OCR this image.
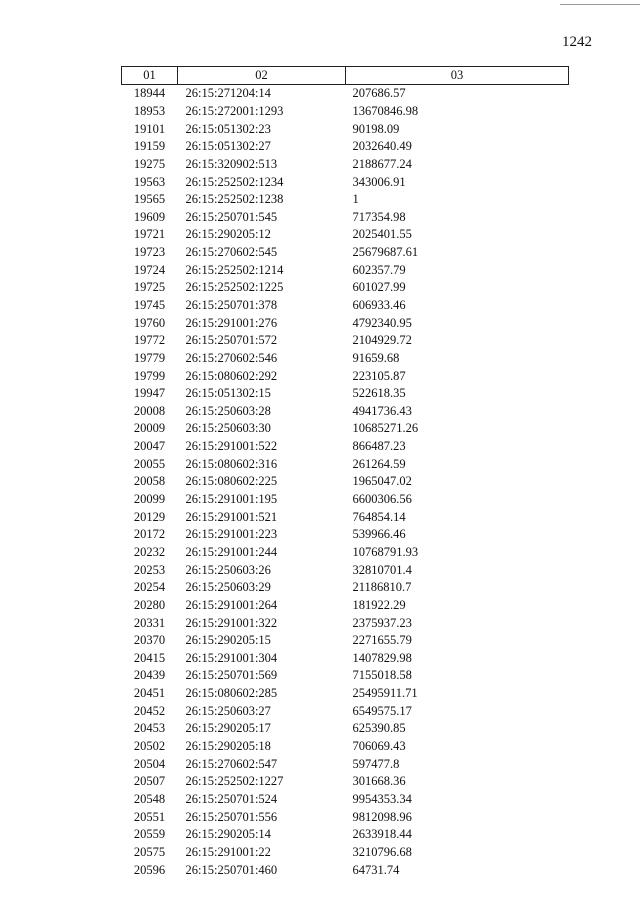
1242
01	02	03
18944	26:15:271204:14	207686.57
18953	26:15:272001:1293	13670846.98
19101	26:15:051302:23	90198.09
19159	26:15:051302:27	2032640.49
19275	26:15:320902:513	2188677.24
19563	26:15:252502:1234	343006.91
19565	26:15:252502:1238	1
19609	26:15:250701:545	717354.98
19721	26:15:290205:12	2025401.55
19723	26:15:270602:545	25679687.61
19724	26:15:252502:1214	602357.79
19725	26:15:252502:1225	601027.99
19745	26:15:250701:378	606933.46
19760	26:15:291001:276	4792340.95
19772	26:15:250701:572	2104929.72
19779	26:15:270602:546	91659.68
19799	26:15:080602:292	223105.87
19947	26:15:051302:15	522618.35
20008	26:15:250603:28	4941736.43
20009	26:15:250603:30	10685271.26
20047	26:15:291001:522	866487.23
20055	26:15:080602:316	261264.59
20058	26:15:080602:225	1965047.02
20099	26:15:291001:195	6600306.56
20129	26:15:291001:521	764854.14
20172	26:15:291001:223	539966.46
20232	26:15:291001:244	10768791.93
20253	26:15:250603:26	32810701.4
20254	26:15:250603:29	21186810.7
20280	26:15:291001:264	181922.29
20331	26:15:291001:322	2375937.23
20370	26:15:290205:15	2271655.79
20415	26:15:291001:304	1407829.98
20439	26:15:250701:569	7155018.58
20451	26:15:080602:285	25495911.71
20452	26:15:250603:27	6549575.17
20453	26:15:290205:17	625390.85
20502	26:15:290205:18	706069.43
20504	26:15:270602:547	597477.8
20507	26:15:252502:1227	301668.36
20548	26:15:250701:524	9954353.34
20551	26:15:250701:556	9812098.96
20559	26:15:290205:14	2633918.44
20575	26:15:291001:22	3210796.68
20596	26:15:250701:460	64731.74
